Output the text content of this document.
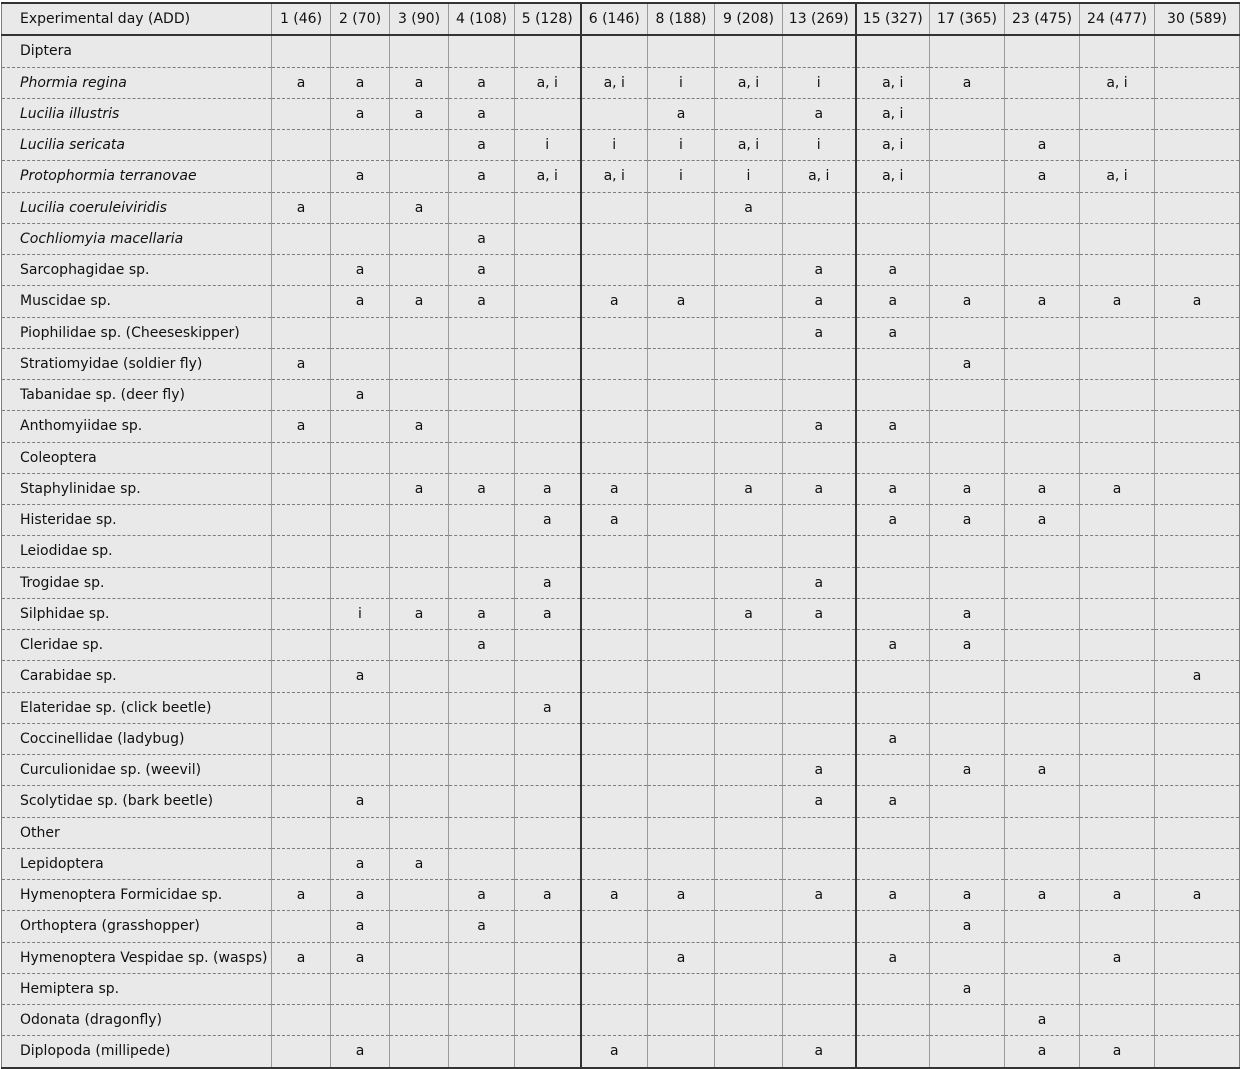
Experimental day (ADD)	1 (46)	2 (70)	3 (90)	4 (108)	5 (128)	6 (146)	8 (188)	9 (208)	13 (269)	15 (327)	17 (365)	23 (475)	24 (477)	30 (589)
Diptera														
Phormia regina	a	a	a	a	a, i	a, i	i	a, i	i	a, i	a		a, i	
Lucilia illustris		a	a	a			a		a	a, i				
Lucilia sericata				a	i	i	i	a, i	i	a, i		a		
Protophormia terranovae		a		a	a, i	a, i	i	i	a, i	a, i		a	a, i	
Lucilia coeruleiviridis	a		a					a						
Cochliomyia macellaria				a										
Sarcophagidae sp.		a		a					a	a				
Muscidae sp.		a	a	a		a	a		a	a	a	a	a	a
Piophilidae sp. (Cheeseskipper)									a	a				
Stratiomyidae (soldier fly)	a										a			
Tabanidae sp. (deer fly)		a												
Anthomyiidae sp.	a		a						a	a				
Coleoptera														
Staphylinidae sp.			a	a	a	a		a	a	a	a	a	a	
Histeridae sp.					a	a				a	a	a		
Leiodidae sp.														
Trogidae sp.					a				a					
Silphidae sp.		i	a	a	a			a	a		a			
Cleridae sp.				a						a	a			
Carabidae sp.		a												a
Elateridae sp. (click beetle)					a									
Coccinellidae (ladybug)										a				
Curculionidae sp. (weevil)									a		a	a		
Scolytidae sp. (bark beetle)		a							a	a				
Other														
Lepidoptera		a	a											
Hymenoptera Formicidae sp.	a	a		a	a	a	a		a	a	a	a	a	a
Orthoptera (grasshopper)		a		a							a			
Hymenoptera Vespidae sp. (wasps)	a	a					a			a			a	
Hemiptera sp.											a			
Odonata (dragonfly)												a		
Diplopoda (millipede)		a				a			a			a	a	
